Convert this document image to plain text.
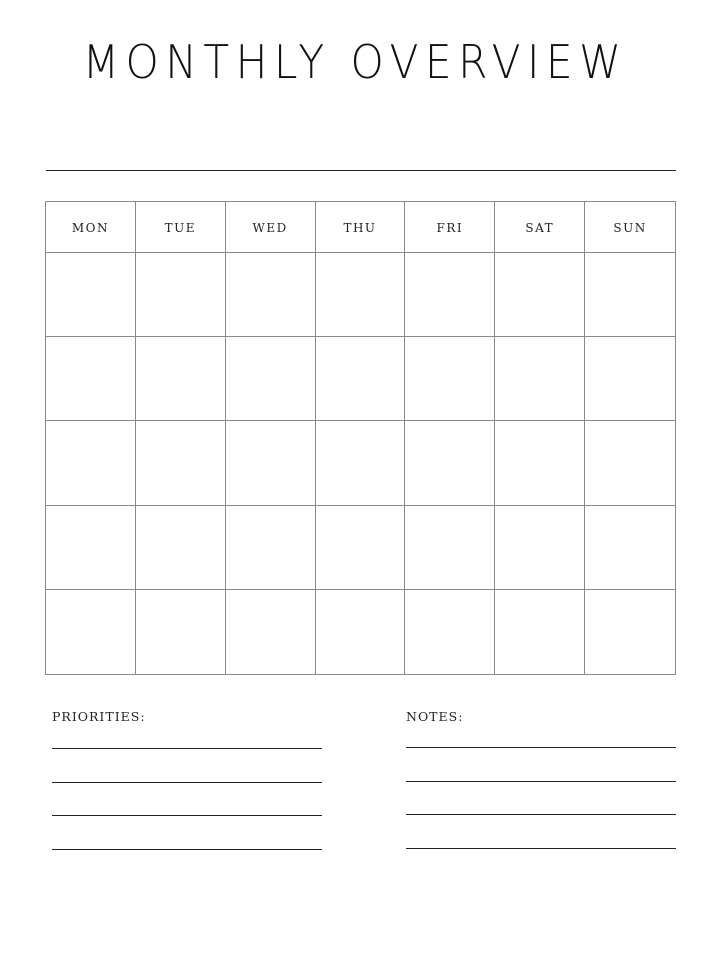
MONTHLY OVERVIEW
MON	TUE	WED	THU	FRI	SAT	SUN
PRIORITIES:	NOTES:
